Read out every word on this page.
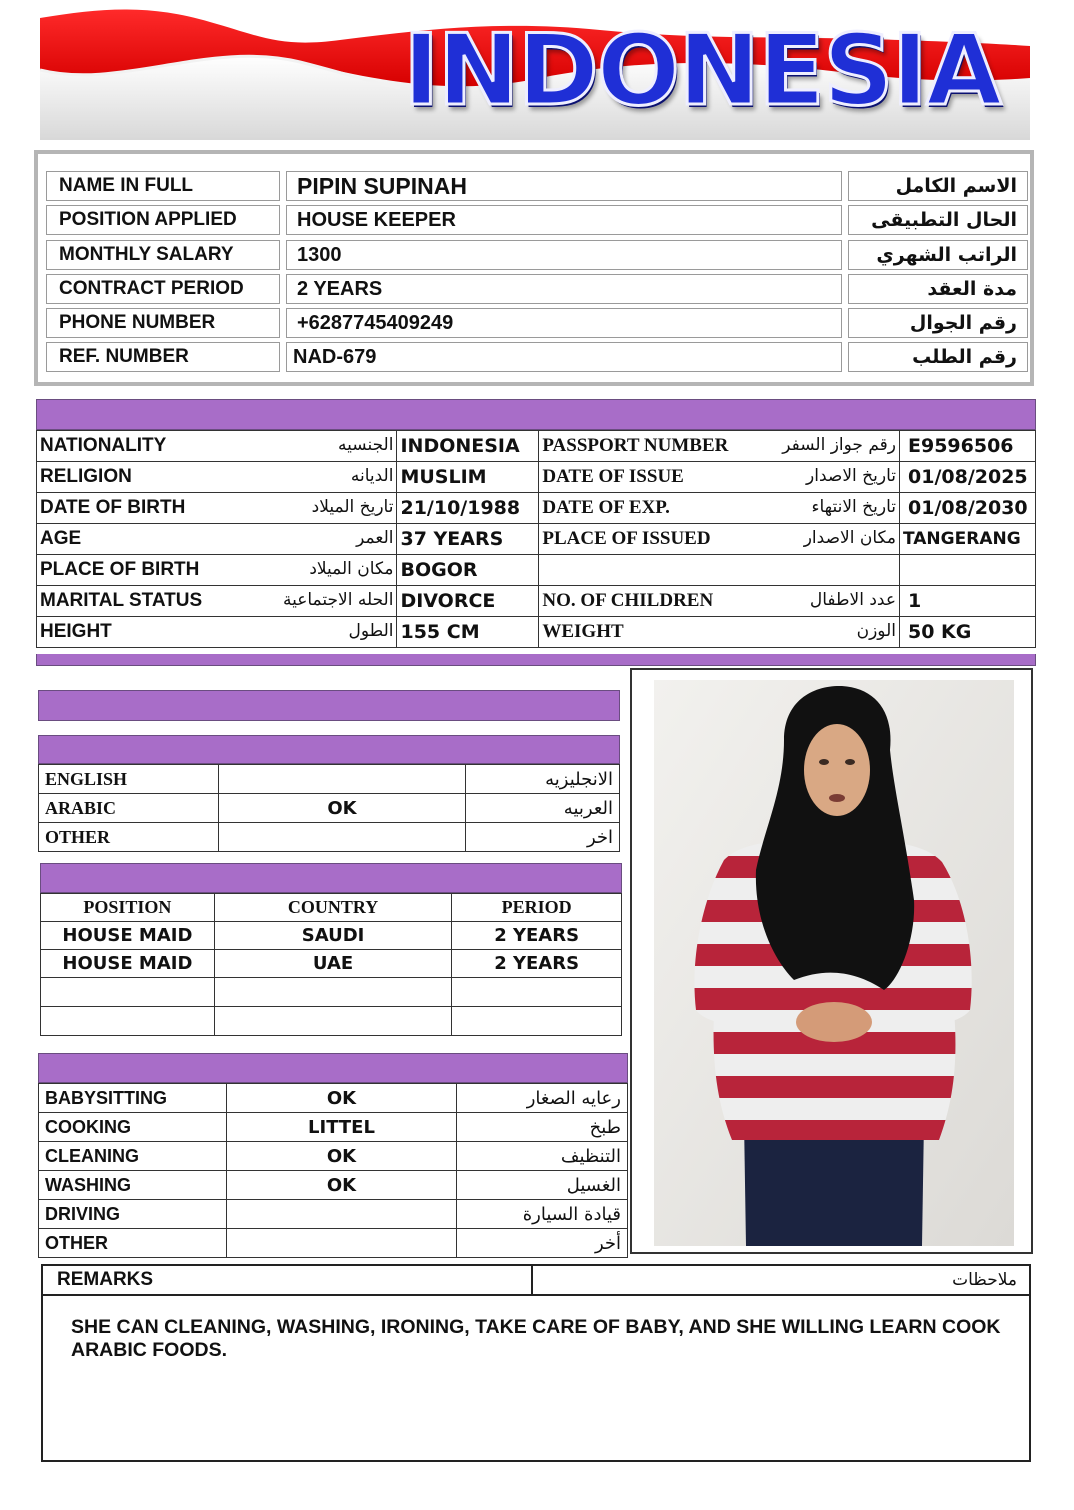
INDONESIA
NAME IN FULL	PIPIN SUPINAH	الاسم الكامل
POSITION APPLIED	HOUSE KEEPER	الحال التطبيقى
MONTHLY SALARY	1300	الراتب الشهري
CONTRACT PERIOD	2 YEARS	مدة العقد
PHONE NUMBER	+6287745409249	رقم الجوال
REF. NUMBER	NAD-679	رقم الطلب
NATIONALITY الجنسيه	INDONESIA	PASSPORT NUMBER رقم جواز السفر	E9596506

RELIGION الديانه	MUSLIM	DATE OF ISSUE تاريخ الاصدار	01/08/2025

DATE OF BIRTH تاريخ الميلاد	21/10/1988	DATE OF EXP. تاريخ الانتهاء	01/08/2030

AGE العمر	37 YEARS	PLACE OF ISSUED مكان الاصدار	TANGERANG

PLACE OF BIRTH مكان الميلاد	BOGOR		

MARITAL STATUS الحله الاجتماعية	DIVORCE	NO. OF CHILDREN عدد الاطفال	1

HEIGHT الطول	155 CM	WEIGHT الوزن	50 KG
ENGLISH		الانجليزيه
ARABIC	OK	العربيه
OTHER		اخر
POSITION	COUNTRY	PERIOD
HOUSE MAID	SAUDI	2 YEARS
HOUSE MAID	UAE	2 YEARS

BABYSITTING	OK	رعايه الصغار
COOKING	LITTEL	طبخ
CLEANING	OK	التنظيف
WASHING	OK	الغسيل
DRIVING		قيادة السيارة
OTHER		أخر
REMARKS	ملاحظات
SHE CAN CLEANING, WASHING, IRONING, TAKE CARE OF BABY, AND SHE WILLING LEARN COOK ARABIC FOODS.
